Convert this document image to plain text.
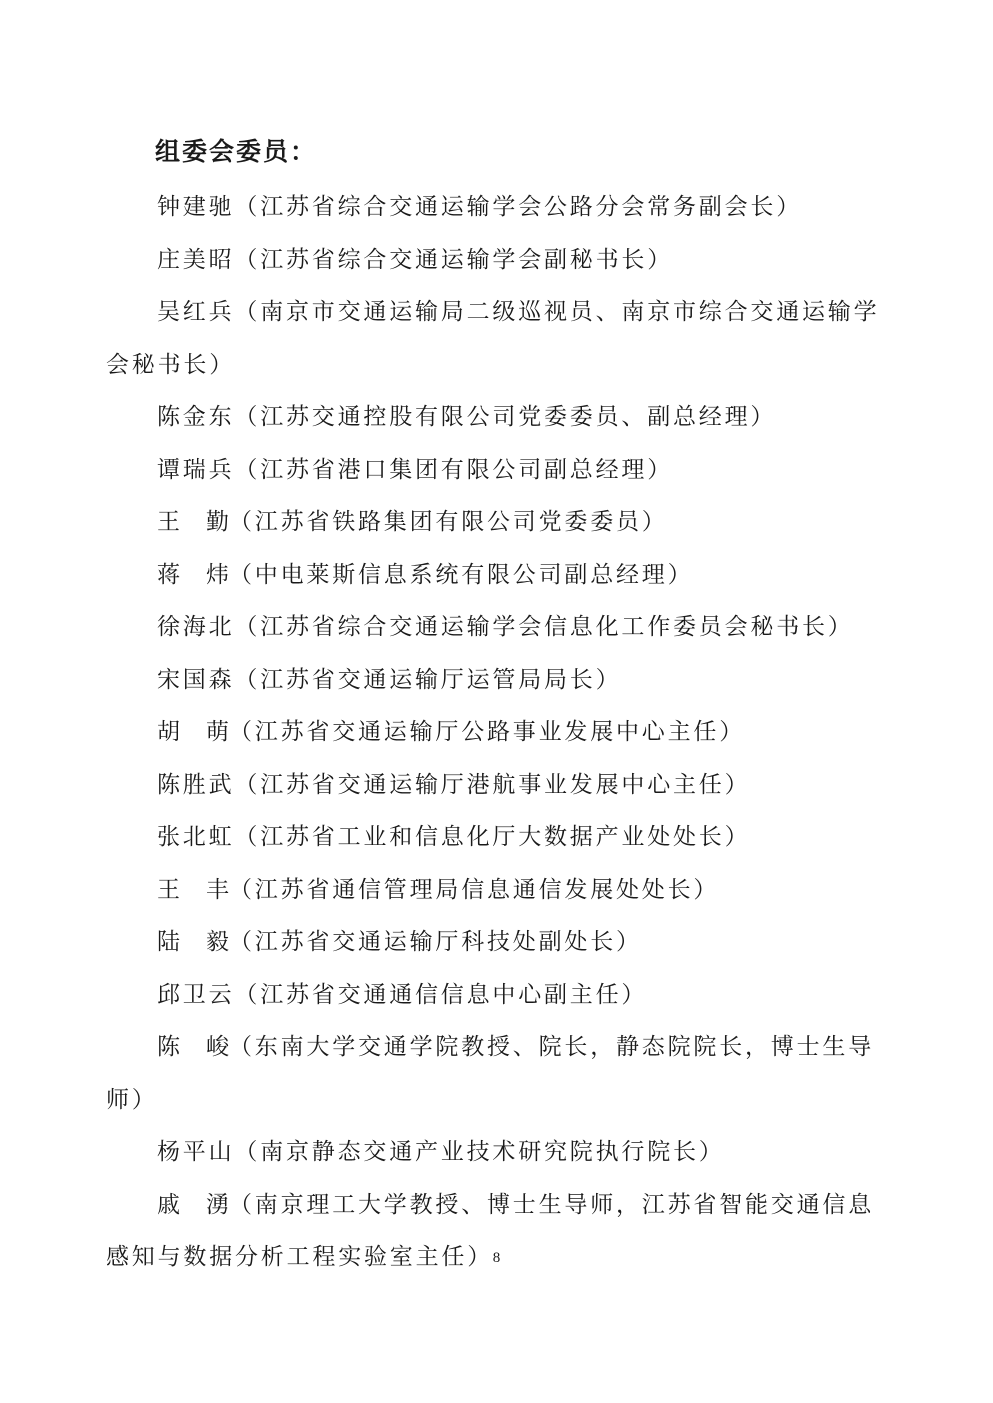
组委会委员：
钟建驰（江苏省综合交通运输学会公路分会常务副会长）
庄美昭（江苏省综合交通运输学会副秘书长）
吴红兵（南京市交通运输局二级巡视员、南京市综合交通运输学会秘书长）
陈金东（江苏交通控股有限公司党委委员、副总经理）
谭瑞兵（江苏省港口集团有限公司副总经理）
王 勤（江苏省铁路集团有限公司党委委员）
蒋 炜（中电莱斯信息系统有限公司副总经理）
徐海北（江苏省综合交通运输学会信息化工作委员会秘书长）
宋国森（江苏省交通运输厅运管局局长）
胡 萌（江苏省交通运输厅公路事业发展中心主任）
陈胜武（江苏省交通运输厅港航事业发展中心主任）
张北虹（江苏省工业和信息化厅大数据产业处处长）
王 丰（江苏省通信管理局信息通信发展处处长）
陆 毅（江苏省交通运输厅科技处副处长）
邱卫云（江苏省交通通信信息中心副主任）
陈 峻（东南大学交通学院教授、院长，静态院院长，博士生导师）
杨平山（南京静态交通产业技术研究院执行院长）
戚 湧（南京理工大学教授、博士生导师，江苏省智能交通信息感知与数据分析工程实验室主任） 8
